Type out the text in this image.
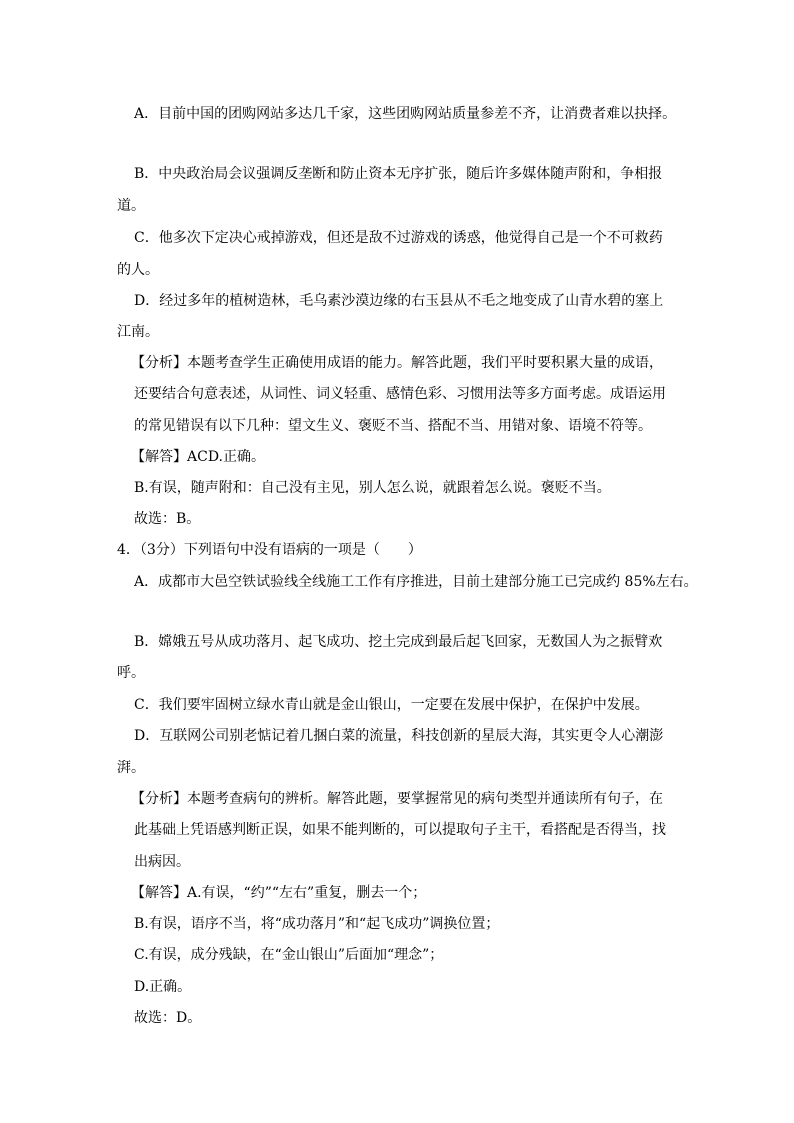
A．目前中国的团购网站多达几千家，这些团购网站质量参差不齐，让消费者难以抉择。
B．中央政治局会议强调反垄断和防止资本无序扩张，随后许多媒体随声附和，争相报
道。
C．他多次下定决心戒掉游戏，但还是敌不过游戏的诱惑，他觉得自己是一个不可救药
的人。
D．经过多年的植树造林，毛乌素沙漠边缘的右玉县从不毛之地变成了山青水碧的塞上
江南。
【分析】本题考查学生正确使用成语的能力。解答此题，我们平时要积累大量的成语，
还要结合句意表述，从词性、词义轻重、感情色彩、习惯用法等多方面考虑。成语运用
的常见错误有以下几种：望文生义、褒贬不当、搭配不当、用错对象、语境不符等。
【解答】ACD.正确。
B.有误，随声附和：自己没有主见，别人怎么说，就跟着怎么说。褒贬不当。
故选：B。
4．（3分）下列语句中没有语病的一项是（　　）
A．成都市大邑空铁试验线全线施工工作有序推进，目前土建部分施工已完成约 85%左右。
B．嫦娥五号从成功落月、起飞成功、挖土完成到最后起飞回家，无数国人为之振臂欢
呼。
C．我们要牢固树立绿水青山就是金山银山，一定要在发展中保护，在保护中发展。
D．互联网公司别老惦记着几捆白菜的流量，科技创新的星辰大海，其实更令人心潮澎
湃。
【分析】本题考查病句的辨析。解答此题，要掌握常见的病句类型并通读所有句子，在
此基础上凭语感判断正误，如果不能判断的，可以提取句子主干，看搭配是否得当，找
出病因。
【解答】A.有误，“约”“左右”重复，删去一个；
B.有误，语序不当，将“成功落月”和“起飞成功”调换位置；
C.有误，成分残缺，在“金山银山”后面加“理念”；
D.正确。
故选：D。
